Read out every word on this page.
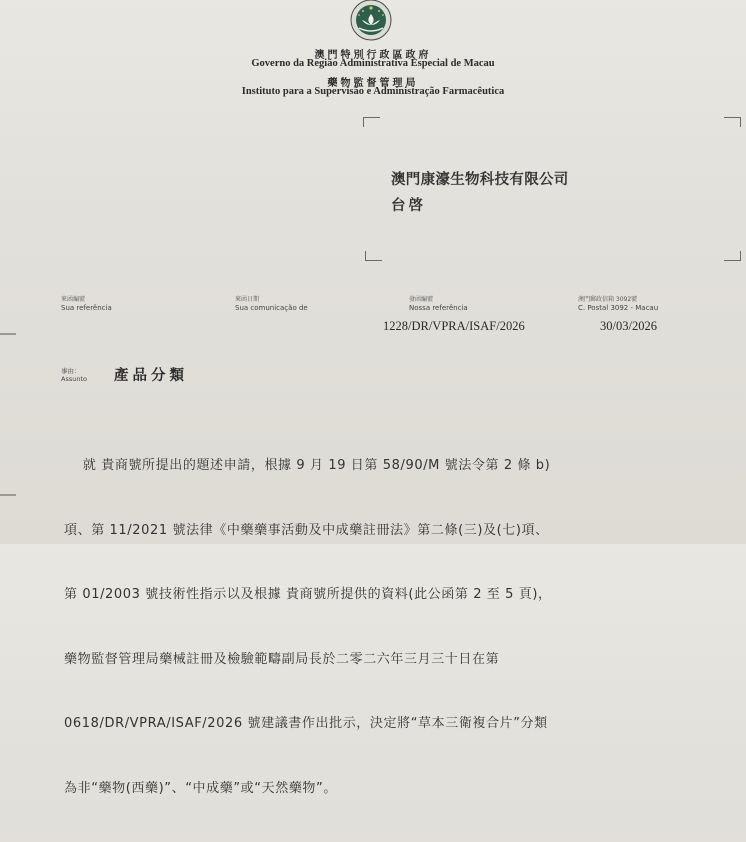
澳門特別行政區政府
Governo da Região Administrativa Especial de Macau
藥物監督管理局
Instituto para a Supervisão e Administração Farmacêutica
澳門康濠生物科技有限公司
台啓
來函編號
Sua referência
來函日期
Sua comunicação de
發函編號
Nossa referência
澳門郵政信箱 3092號
C. Postal 3092 - Macau
1228/DR/VPRA/ISAF/2026	30/03/2026
事由：
Assunto 產品分類

就 貴商號所提出的題述申請，根據 9 月 19 日第 58/90/M 號法令第 2 條 b)

項、第 11/2021 號法律《中藥藥事活動及中成藥註冊法》第二條(三)及(七)項、

第 01/2003 號技術性指示以及根據 貴商號所提供的資料(此公函第 2 至 5 頁)，

藥物監督管理局藥械註冊及檢驗範疇副局長於二零二六年三月三十日在第

0618/DR/VPRA/ISAF/2026 號建議書作出批示，決定將“草本三衛複合片”分類

為非“藥物(西藥)”、“中成藥”或“天然藥物”。
